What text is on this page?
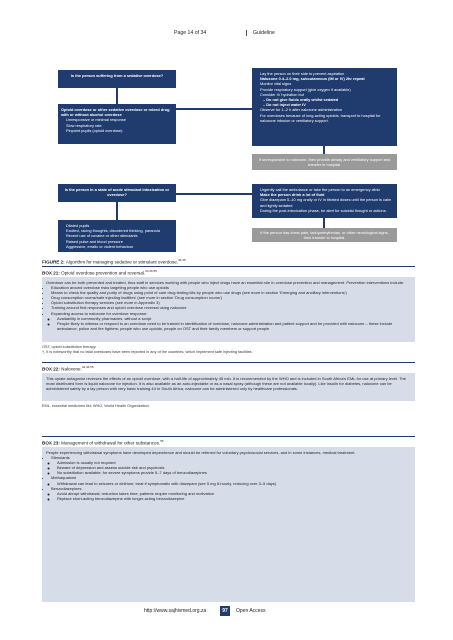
Page 14 of 34	Guideline
Is the person suffering from a sedative overdose?
Opioid overdose or other sedative overdose or mixed drug with or without alcohol overdose
• Unresponsive or minimal response
• Slow respiratory rate
• Pinpoint pupils (opioid overdose)
• Lay the person on their side to prevent aspiration
• Naloxone 0.4–2.0 mg, subcutaneous (IM or IV) 2hr repeat
• Monitor vital signs
• Provide respiratory support (give oxygen if available)
• Consider IV hydration but
– Do not give fluids orally whilst sedated
– Do not inject water IV
• Observe for 1–2 h after naloxone administration
• For overdoses because of long-acting opioids, transport to hospital for naloxone infusion or ventilatory support.
If unresponsive to naloxone, then provide airway and ventilatory support and transfer to hospital.
Is the person in a state of acute stimulant intoxication or overdose?
• Dilated pupils
• Excited, racing thoughts, disordered thinking, paranoia
• Recent use of cocaine or other stimulants
• Raised pulse and blood pressure
• Aggressive, erratic or violent behaviour
• Urgently call the ambulance or take the person to an emergency clinic
• Make the person drink a lot of fluid
• Give diazepam 5–10 mg orally or IV in titrated doses until the person is calm and lightly sedated
• During the post-intoxication phase, be alert for suicidal thought or actions.
If the person has chest pain, tachyarrhythmias, or other neurological signs, then transfer to hospital.
FIGURE 2: Algorithm for managing sedative or stimulant overdose.$^{44,45}$
BOX 21: Opioid overdose prevention and reversal.$^{44,46,55}$
Overdose can be both prevented and treated, thus staff in services working with people who inject drugs have an essential role in overdose prevention and management. Prevention interventions include:
• Education around overdose risks targeting people who use opioids
• Means to check the quality and purity of drugs using point of care drug testing kits by people who use drugs (see more in section 'Emerging and ancillary interventions')
• Drug consumption rooms/safe injecting facilities' (see more in section 'Drug consumption rooms')
• Opioid substitution therapy services (see more in Appendix 3)
• Training around first responses and opioid overdose reversal using naloxone
• Expanding access to naloxone for overdose response:
◦ Availability in community pharmacies, without a script
◦ People likely to witness or respond to an overdose need to be trained in identification of overdose, naloxone administration and patient support and be provided with naloxone – these include ambulance, police and fire fighters; people who use opioids, people on OST and their family members or support people
OST, opioid substitution therapy.
†, It is noteworthy that no fatal overdoses have been reported in any of the countries, which implement safe injecting facilities.
BOX 22: Naloxone.$^{44,46,55}$
This opiate antagonist reverses the effects of an opioid overdose, with a half-life of approximately 45 min. It is recommended by the WHO and is included in South Africa's EML for use at primary level. The most distributed form is liquid naloxone for injection. It is also available as an auto-injectable or as a nasal spray (although these are not available locally). Like insulin for diabetes, naloxone can be administered safely by a lay person with very basic training.44 In South Africa, naloxone can be administered only by healthcare professionals.
EML, essential medicines list; WHO, World Health Organization.
BOX 23: Management of withdrawal for other substances.$^{55}$
People experiencing withdrawal symptoms have developed dependence and should be referred for voluntary psychosocial services, and in some instances, medical treatment.
• Stimulants
◦ Admission is usually not required
◦ Beware of depression and assess suicide risk and psychosis
◦ No substitution available; for severe symptoms provide 5–7 days of benzodiazepines
• Methaqualone
◦ Withdrawal can lead to seizures or delirium; treat if symptomatic with diazepam (see 5 mg 8-hourly, reducing over 3–5 days)
• Benzodiazepines
◦ Avoid abrupt withdrawal; reduction takes time; patients require monitoring and motivation
◦ Replace short-acting benzodiazepine with longer-acting benzodiazepine
http://www.sajhivmed.org.za	97	Open Access
